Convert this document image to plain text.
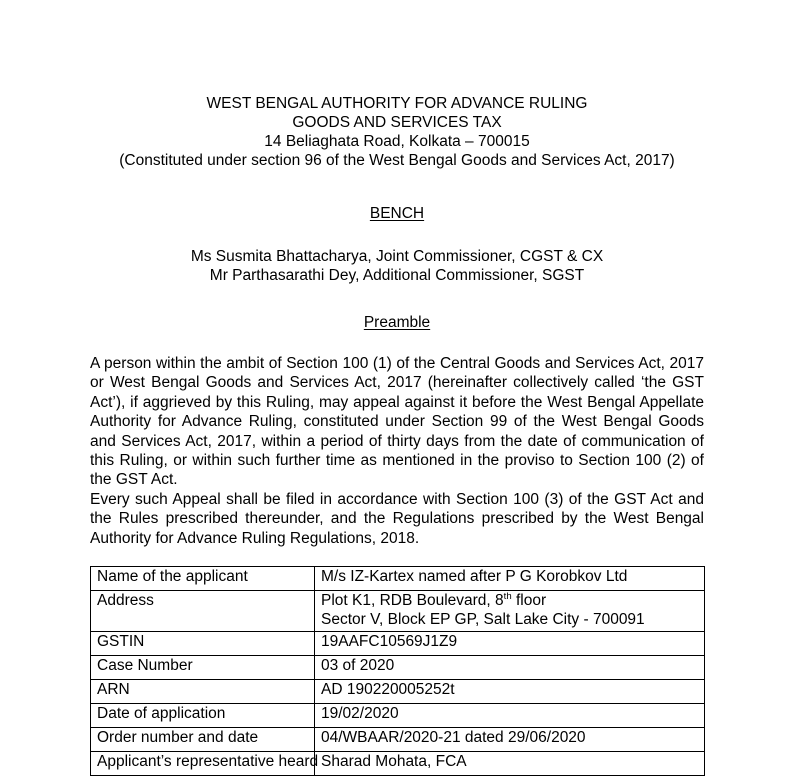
WEST BENGAL AUTHORITY FOR ADVANCE RULING
GOODS AND SERVICES TAX
14 Beliaghata Road, Kolkata – 700015
(Constituted under section 96 of the West Bengal Goods and Services Act, 2017)
BENCH
Ms Susmita Bhattacharya, Joint Commissioner, CGST & CX
Mr Parthasarathi Dey, Additional Commissioner, SGST
Preamble

A person within the ambit of Section 100 (1) of the Central Goods and Services Act, 2017 or West Bengal Goods and Services Act, 2017 (hereinafter collectively called ‘the GST Act’), if aggrieved by this Ruling, may appeal against it before the West Bengal Appellate Authority for Advance Ruling, constituted under Section 99 of the West Bengal Goods and Services Act, 2017, within a period of thirty days from the date of communication of this Ruling, or within such further time as mentioned in the proviso to Section 100 (2) of the GST Act.

Every such Appeal shall be filed in accordance with Section 100 (3) of the GST Act and the Rules prescribed thereunder, and the Regulations prescribed by the West Bengal Authority for Advance Ruling Regulations, 2018.

Name of the applicant	M/s IZ-Kartex named after P G Korobkov Ltd
Address	Plot K1, RDB Boulevard, 8th floor
Sector V, Block EP GP, Salt Lake City - 700091

GSTIN	19AAFC10569J1Z9
Case Number	03 of 2020
ARN	AD 190220005252t
Date of application	19/02/2020
Order number and date	04/WBAAR/2020-21 dated 29/06/2020
Applicant’s representative heard	Sharad Mohata, FCA
